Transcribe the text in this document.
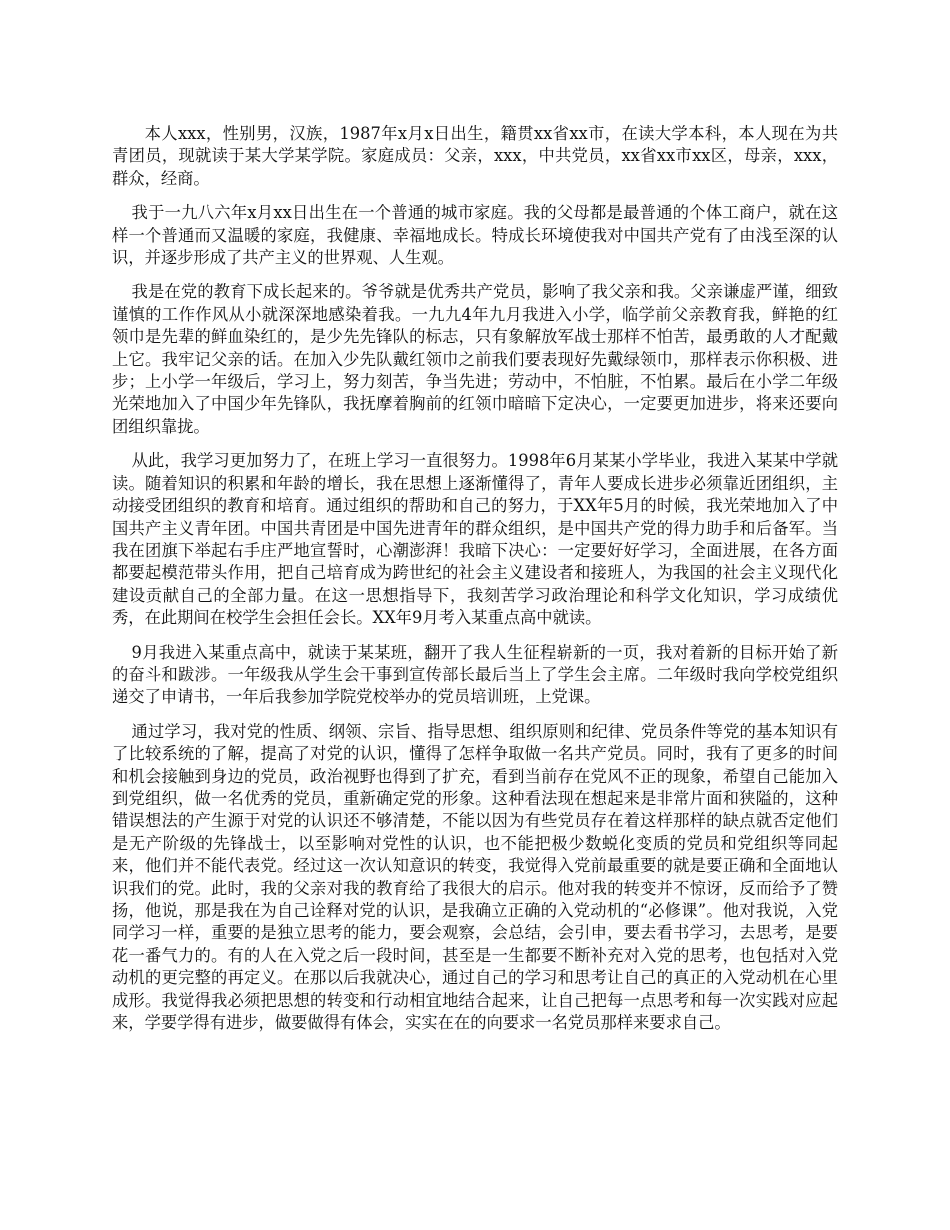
本人xxx，性别男，汉族，1987年x月x日出生，籍贯xx省xx市，在读大学本科，本人现在为共青团员，现就读于某大学某学院。家庭成员：父亲，xxx，中共党员，xx省xx市xx区，母亲，xxx，群众，经商。

我于一九八六年x月xx日出生在一个普通的城市家庭。我的父母都是最普通的个体工商户，就在这样一个普通而又温暖的家庭，我健康、幸福地成长。特成长环境使我对中国共产党有了由浅至深的认识，并逐步形成了共产主义的世界观、人生观。

我是在党的教育下成长起来的。爷爷就是优秀共产党员，影响了我父亲和我。父亲谦虚严谨，细致谨慎的工作作风从小就深深地感染着我。一九九4年九月我进入小学，临学前父亲教育我，鲜艳的红领巾是先辈的鲜血染红的，是少先先锋队的标志，只有象解放军战士那样不怕苦，最勇敢的人才配戴上它。我牢记父亲的话。在加入少先队戴红领巾之前我们要表现好先戴绿领巾，那样表示你积极、进步；上小学一年级后，学习上，努力刻苦，争当先进；劳动中，不怕脏，不怕累。最后在小学二年级光荣地加入了中国少年先锋队，我抚摩着胸前的红领巾暗暗下定决心，一定要更加进步，将来还要向团组织靠拢。

从此，我学习更加努力了，在班上学习一直很努力。1998年6月某某小学毕业，我进入某某中学就读。随着知识的积累和年龄的增长，我在思想上逐渐懂得了，青年人要成长进步必须靠近团组织，主动接受团组织的教育和培育。通过组织的帮助和自己的努力，于XX年5月的时候，我光荣地加入了中国共产主义青年团。中国共青团是中国先进青年的群众组织，是中国共产党的得力助手和后备军。当我在团旗下举起右手庄严地宣誓时，心潮澎湃！我暗下决心：一定要好好学习，全面进展，在各方面都要起模范带头作用，把自己培育成为跨世纪的社会主义建设者和接班人，为我国的社会主义现代化建设贡献自己的全部力量。在这一思想指导下，我刻苦学习政治理论和科学文化知识，学习成绩优秀，在此期间在校学生会担任会长。XX年9月考入某重点高中就读。

9月我进入某重点高中，就读于某某班，翻开了我人生征程崭新的一页，我对着新的目标开始了新的奋斗和跋涉。一年级我从学生会干事到宣传部长最后当上了学生会主席。二年级时我向学校党组织递交了申请书，一年后我参加学院党校举办的党员培训班，上党课。

通过学习，我对党的性质、纲领、宗旨、指导思想、组织原则和纪律、党员条件等党的基本知识有了比较系统的了解，提高了对党的认识，懂得了怎样争取做一名共产党员。同时，我有了更多的时间和机会接触到身边的党员，政治视野也得到了扩充，看到当前存在党风不正的现象，希望自己能加入到党组织，做一名优秀的党员，重新确定党的形象。这种看法现在想起来是非常片面和狭隘的，这种错误想法的产生源于对党的认识还不够清楚，不能以因为有些党员存在着这样那样的缺点就否定他们是无产阶级的先锋战士，以至影响对党性的认识，也不能把极少数蜕化变质的党员和党组织等同起来，他们并不能代表党。经过这一次认知意识的转变，我觉得入党前最重要的就是要正确和全面地认识我们的党。此时，我的父亲对我的教育给了我很大的启示。他对我的转变并不惊讶，反而给予了赞扬，他说，那是我在为自己诠释对党的认识，是我确立正确的入党动机的“必修课”。他对我说，入党同学习一样，重要的是独立思考的能力，要会观察，会总结，会引申，要去看书学习，去思考，是要花一番气力的。有的人在入党之后一段时间，甚至是一生都要不断补充对入党的思考，也包括对入党动机的更完整的再定义。在那以后我就决心，通过自己的学习和思考让自己的真正的入党动机在心里成形。我觉得我必须把思想的转变和行动相宜地结合起来，让自己把每一点思考和每一次实践对应起来，学要学得有进步，做要做得有体会，实实在在的向要求一名党员那样来要求自己。
